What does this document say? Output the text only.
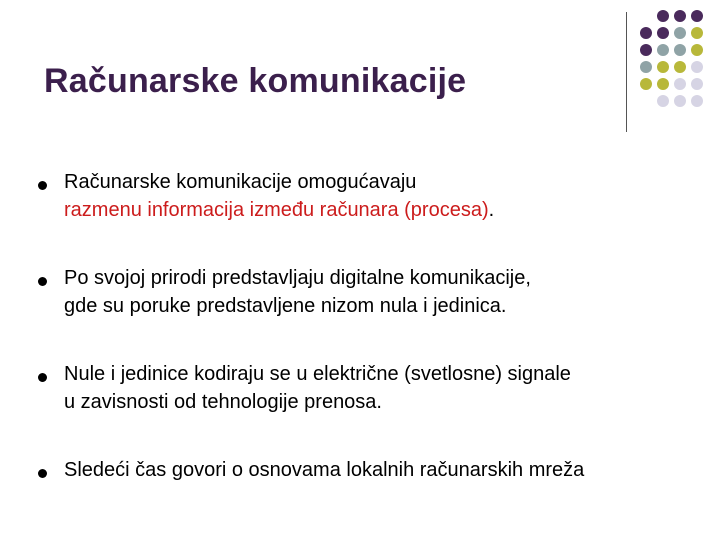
Računarske komunikacije
Računarske komunikacije omogućavaju
razmenu informacija između računara (procesa).
Po svojoj prirodi predstavljaju digitalne komunikacije,
gde su poruke predstavljene nizom nula i jedinica.
Nule i jedinice kodiraju se u električne (svetlosne) signale
u zavisnosti od tehnologije prenosa.
Sledeći čas govori o osnovama lokalnih računarskih mreža
